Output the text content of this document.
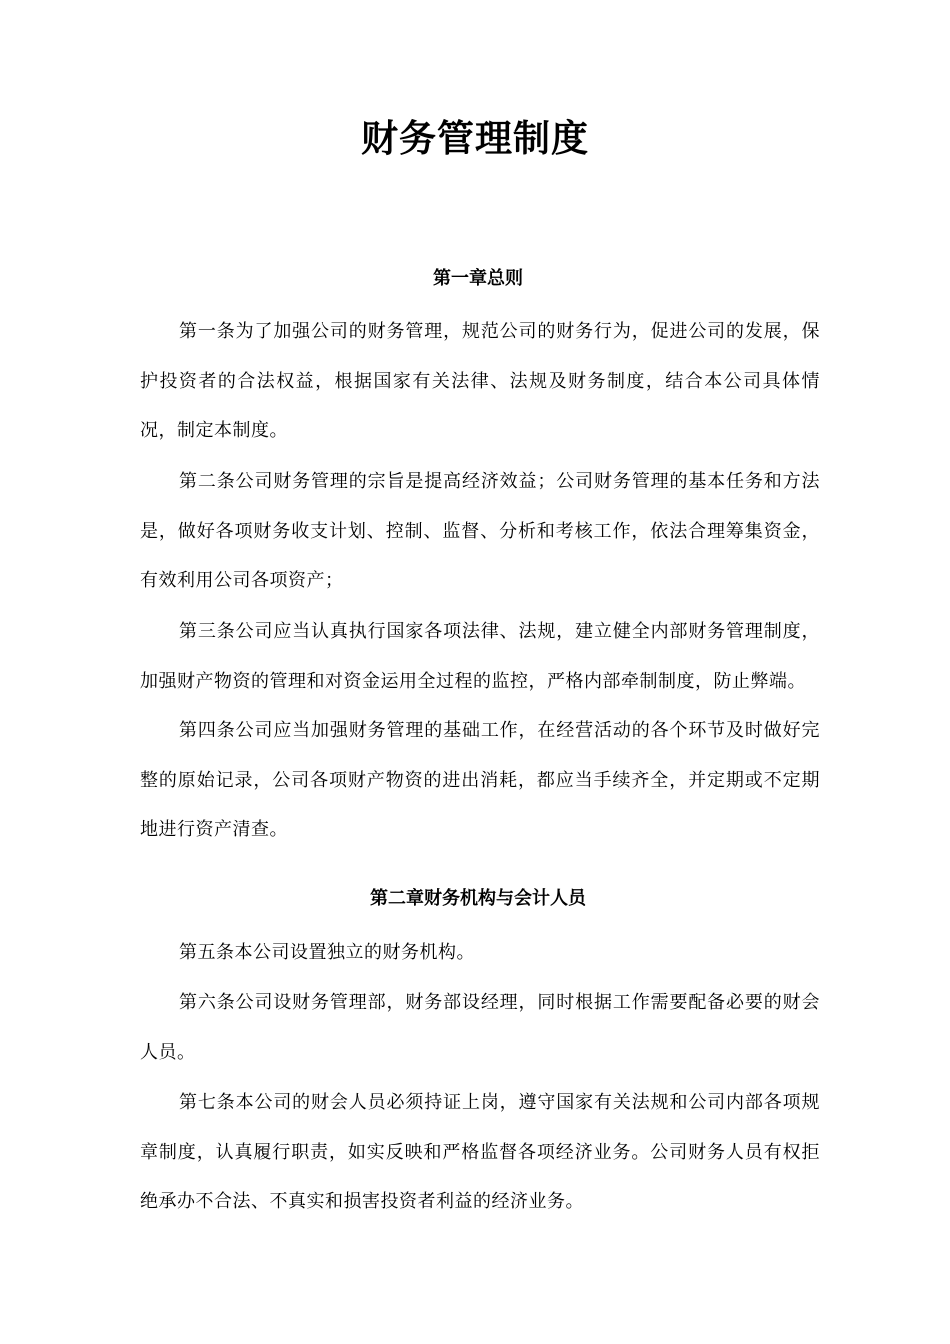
财务管理制度
第一章总则

第一条为了加强公司的财务管理，规范公司的财务行为，促进公司的发展，保护投资者的合法权益，根据国家有关法律、法规及财务制度，结合本公司具体情况，制定本制度。

第二条公司财务管理的宗旨是提高经济效益；公司财务管理的基本任务和方法是，做好各项财务收支计划、控制、监督、分析和考核工作，依法合理筹集资金，有效利用公司各项资产；

第三条公司应当认真执行国家各项法律、法规，建立健全内部财务管理制度，加强财产物资的管理和对资金运用全过程的监控，严格内部牵制制度，防止弊端。

第四条公司应当加强财务管理的基础工作，在经营活动的各个环节及时做好完整的原始记录，公司各项财产物资的进出消耗，都应当手续齐全，并定期或不定期地进行资产清查。

第二章财务机构与会计人员

第五条本公司设置独立的财务机构。

第六条公司设财务管理部，财务部设经理，同时根据工作需要配备必要的财会人员。

第七条本公司的财会人员必须持证上岗，遵守国家有关法规和公司内部各项规章制度，认真履行职责，如实反映和严格监督各项经济业务。公司财务人员有权拒绝承办不合法、不真实和损害投资者利益的经济业务。
